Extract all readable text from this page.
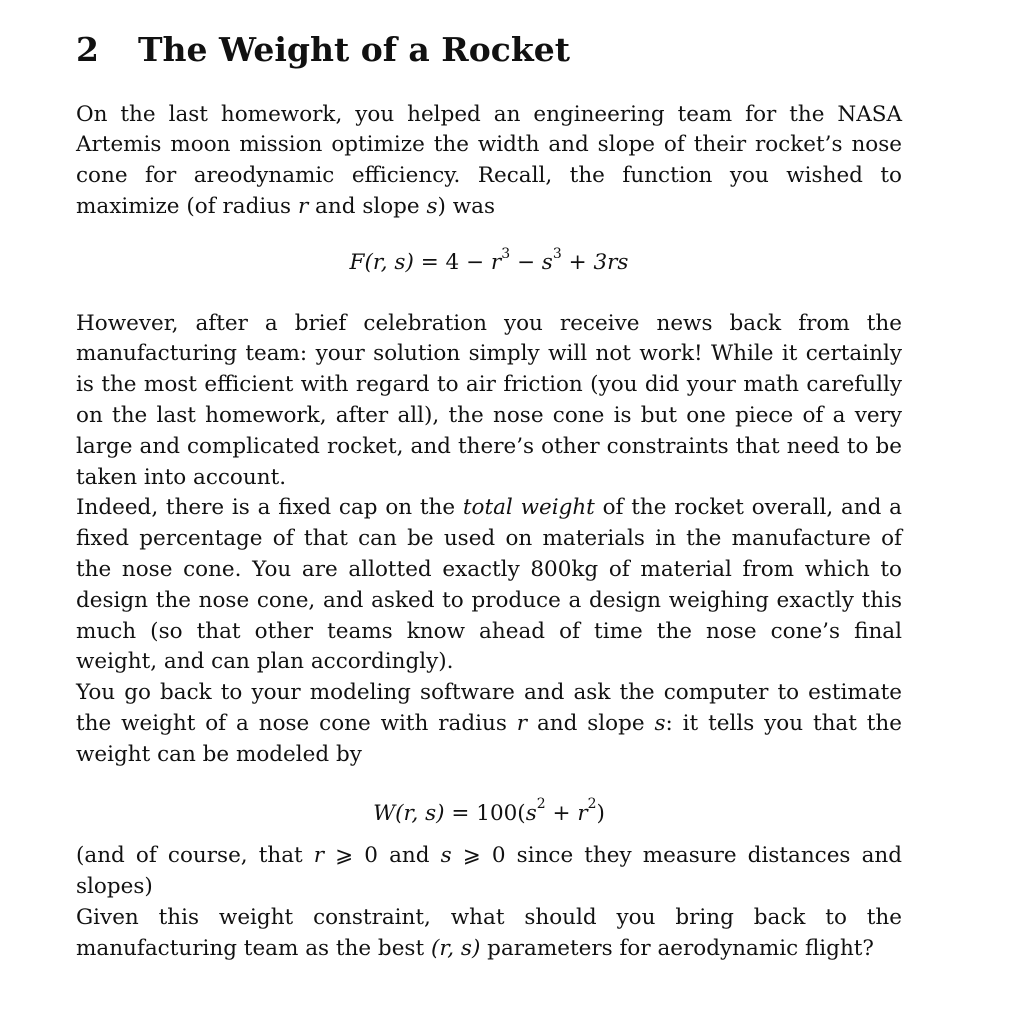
2	The Weight of a Rocket

On the last homework, you helped an engineering team for the NASA Artemis moon mission optimize the width and slope of their rocket’s nose cone for areodynamic efficiency. Recall, the function you wished to maximize (of radius r and slope s) was

F(r, $s) = 4 - r^3 - s^3 + 3rs$

However, after a brief celebration you receive news back from the manufacturing team: your solution simply will not work! While it certainly is the most efficient with regard to air friction (you did your math carefully on the last homework, after all), the nose cone is but one piece of a very large and complicated rocket, and there’s other constraints that need to be taken into account.

Indeed, there is a fixed cap on the total weight of the rocket overall, and a fixed percentage of that can be used on materials in the manufacture of the nose cone. You are allotted exactly 800kg of material from which to design the nose cone, and asked to produce a design weighing exactly this much (so that other teams know ahead of time the nose cone’s final weight, and can plan accordingly).

You go back to your modeling software and ask the computer to estimate the weight of a nose cone with radius r and slope s: it tells you that the weight can be modeled by

W(r, $s) = 100(s^2 + r^2)$

(and of course, that r ⩾ 0 and s ⩾ 0 since they measure distances and slopes)

Given this weight constraint, what should you bring back to the manufacturing team as the best (r, s) parameters for aerodynamic flight?
